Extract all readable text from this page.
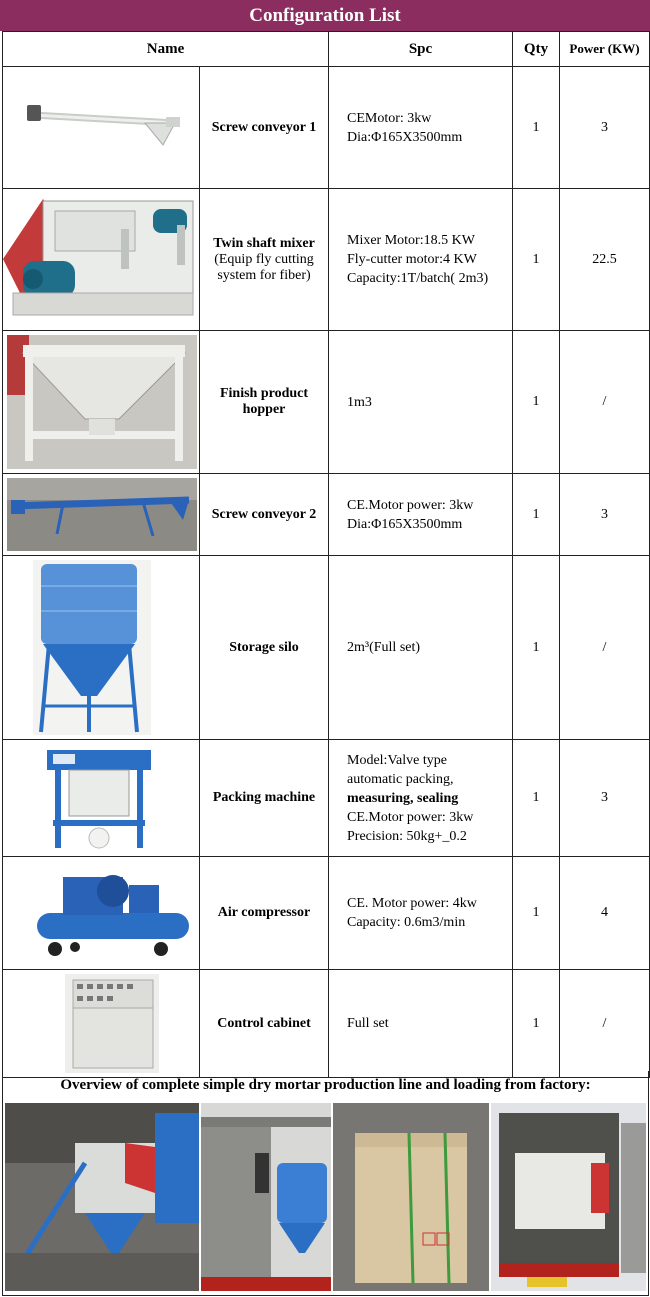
Configuration List
Name		Spc	Qty	Power (KW)

	Screw conveyor 1	CEMotor: 3kw
Dia:Φ165X3500mm	1	3

	Twin shaft mixer
(Equip fly cutting system for fiber)	Mixer Motor:18.5 KW
Fly-cutter motor:4 KW
Capacity:1T/batch( 2m3)	1	22.5

	Finish product hopper	1m3	1	/

	Screw conveyor 2	CE.Motor power: 3kw
Dia:Φ165X3500mm	1	3

	Storage silo	2m³(Full set)	1	/

	Packing machine	Model:Valve type
automatic packing,
measuring, sealing
CE.Motor power: 3kw
Precision: 50kg+_0.2	1	3

	Air compressor	CE. Motor power: 4kw
Capacity: 0.6m3/min	1	4

	Control cabinet	Full set	1	/
Overview of complete simple dry mortar production line and loading from factory:
